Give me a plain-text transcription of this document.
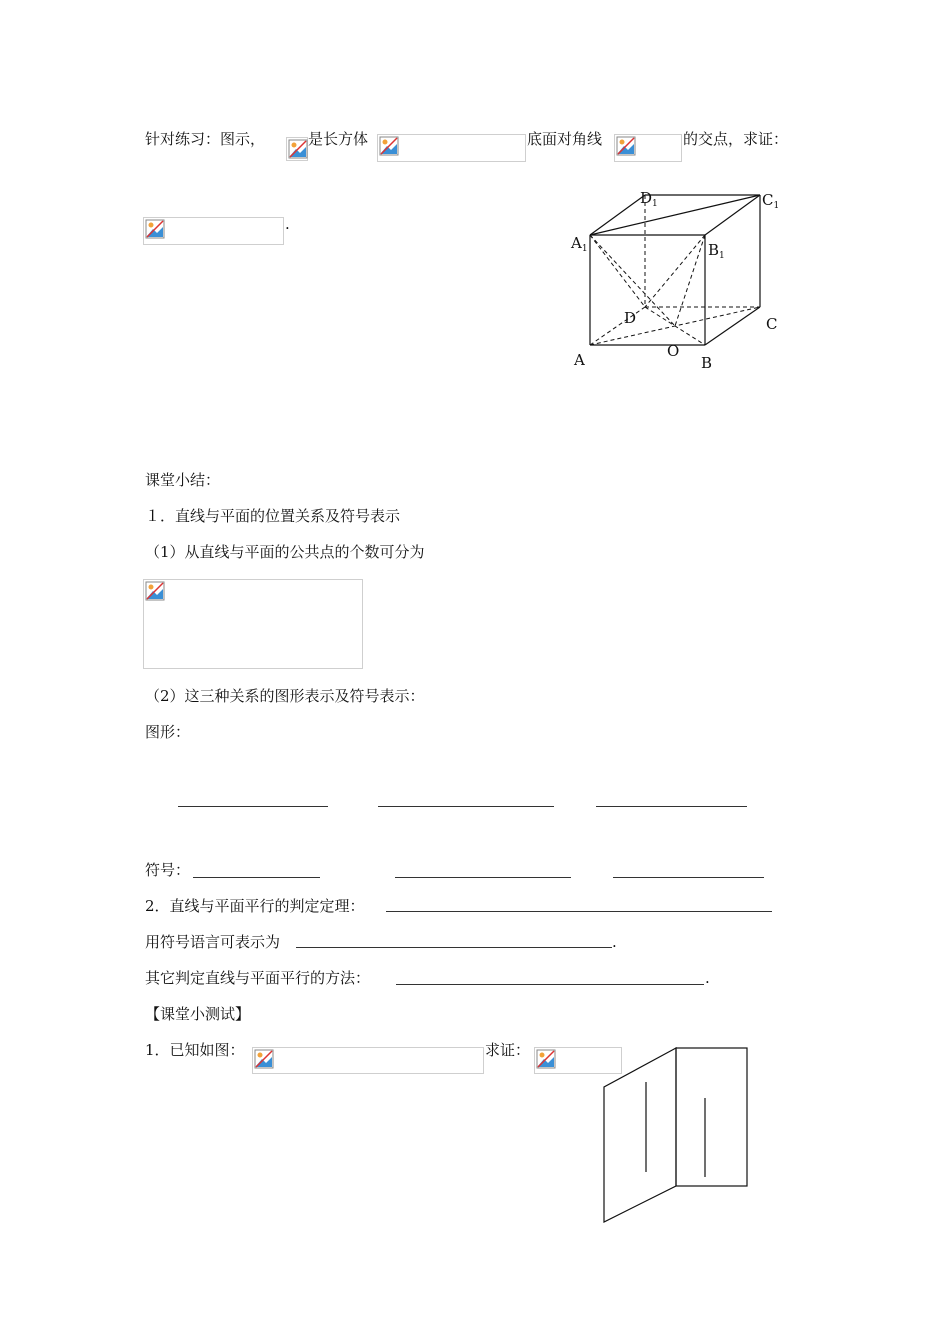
针对练习：图示，	是长方体	底面对角线	的交点，求证：
.
$D_1$	$C_1$
$A_1$	$B_1$
D	C
A	O
B
课堂小结：
１．直线与平面的位置关系及符号表示
（1）从直线与平面的公共点的个数可分为
（2）这三种关系的图形表示及符号表示：
图形：
符号：
2．直线与平面平行的判定定理：
用符号语言可表示为	.
其它判定直线与平面平行的方法：	.
【课堂小测试】
1．已知如图：	求证：
